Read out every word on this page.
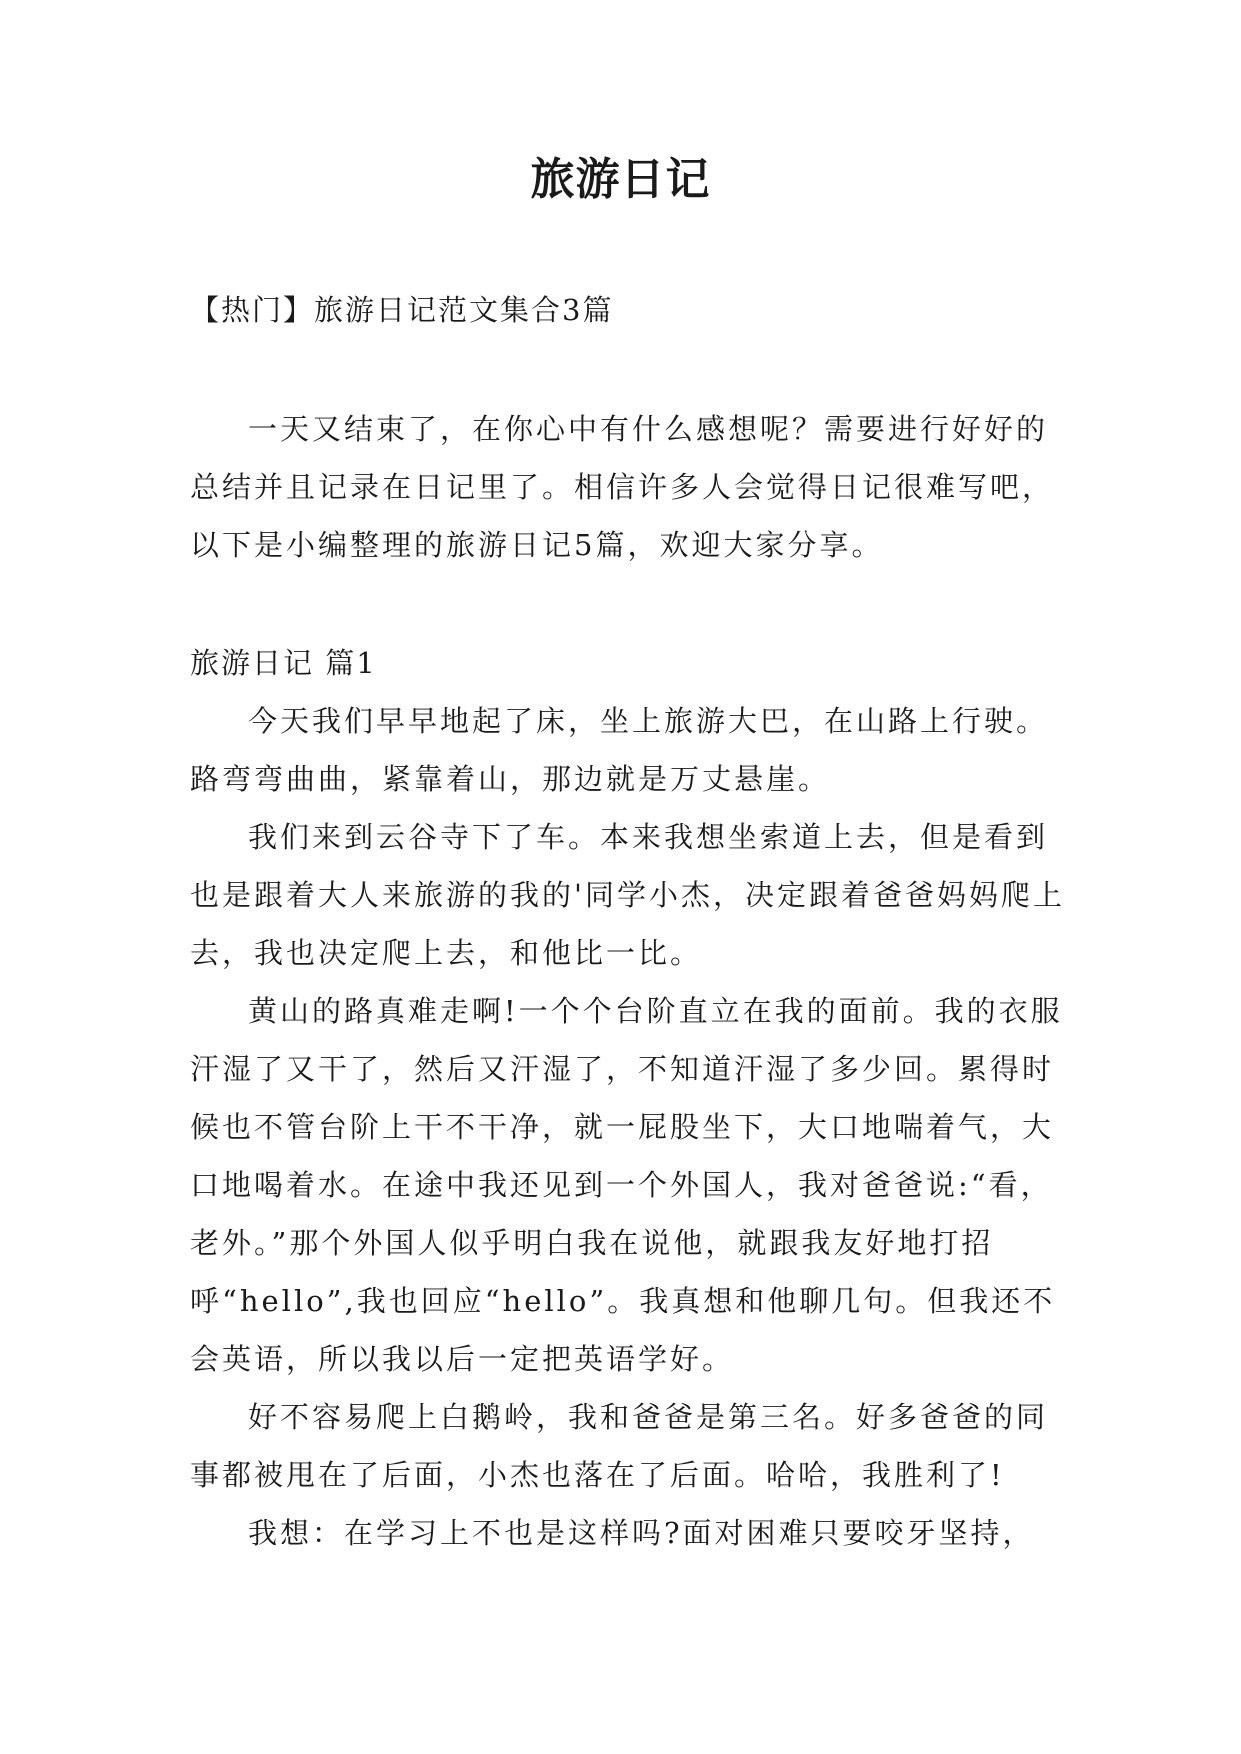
旅游日记
【热门】旅游日记范文集合3篇

一天又结束了，在你心中有什么感想呢？需要进行好好的总结并且记录在日记里了。相信许多人会觉得日记很难写吧，以下是小编整理的旅游日记5篇，欢迎大家分享。

旅游日记 篇1

今天我们早早地起了床，坐上旅游大巴，在山路上行驶。路弯弯曲曲，紧靠着山，那边就是万丈悬崖。

我们来到云谷寺下了车。本来我想坐索道上去，但是看到也是跟着大人来旅游的我的'同学小杰，决定跟着爸爸妈妈爬上去，我也决定爬上去，和他比一比。

黄山的路真难走啊!一个个台阶直立在我的面前。我的衣服汗湿了又干了，然后又汗湿了，不知道汗湿了多少回。累得时候也不管台阶上干不干净，就一屁股坐下，大口地喘着气，大口地喝着水。在途中我还见到一个外国人，我对爸爸说:“看，老外。”那个外国人似乎明白我在说他，就跟我友好地打招呼“hello”,我也回应“hello”。我真想和他聊几句。但我还不会英语，所以我以后一定把英语学好。

好不容易爬上白鹅岭，我和爸爸是第三名。好多爸爸的同事都被甩在了后面，小杰也落在了后面。哈哈，我胜利了!

我想：在学习上不也是这样吗?面对困难只要咬牙坚持，
